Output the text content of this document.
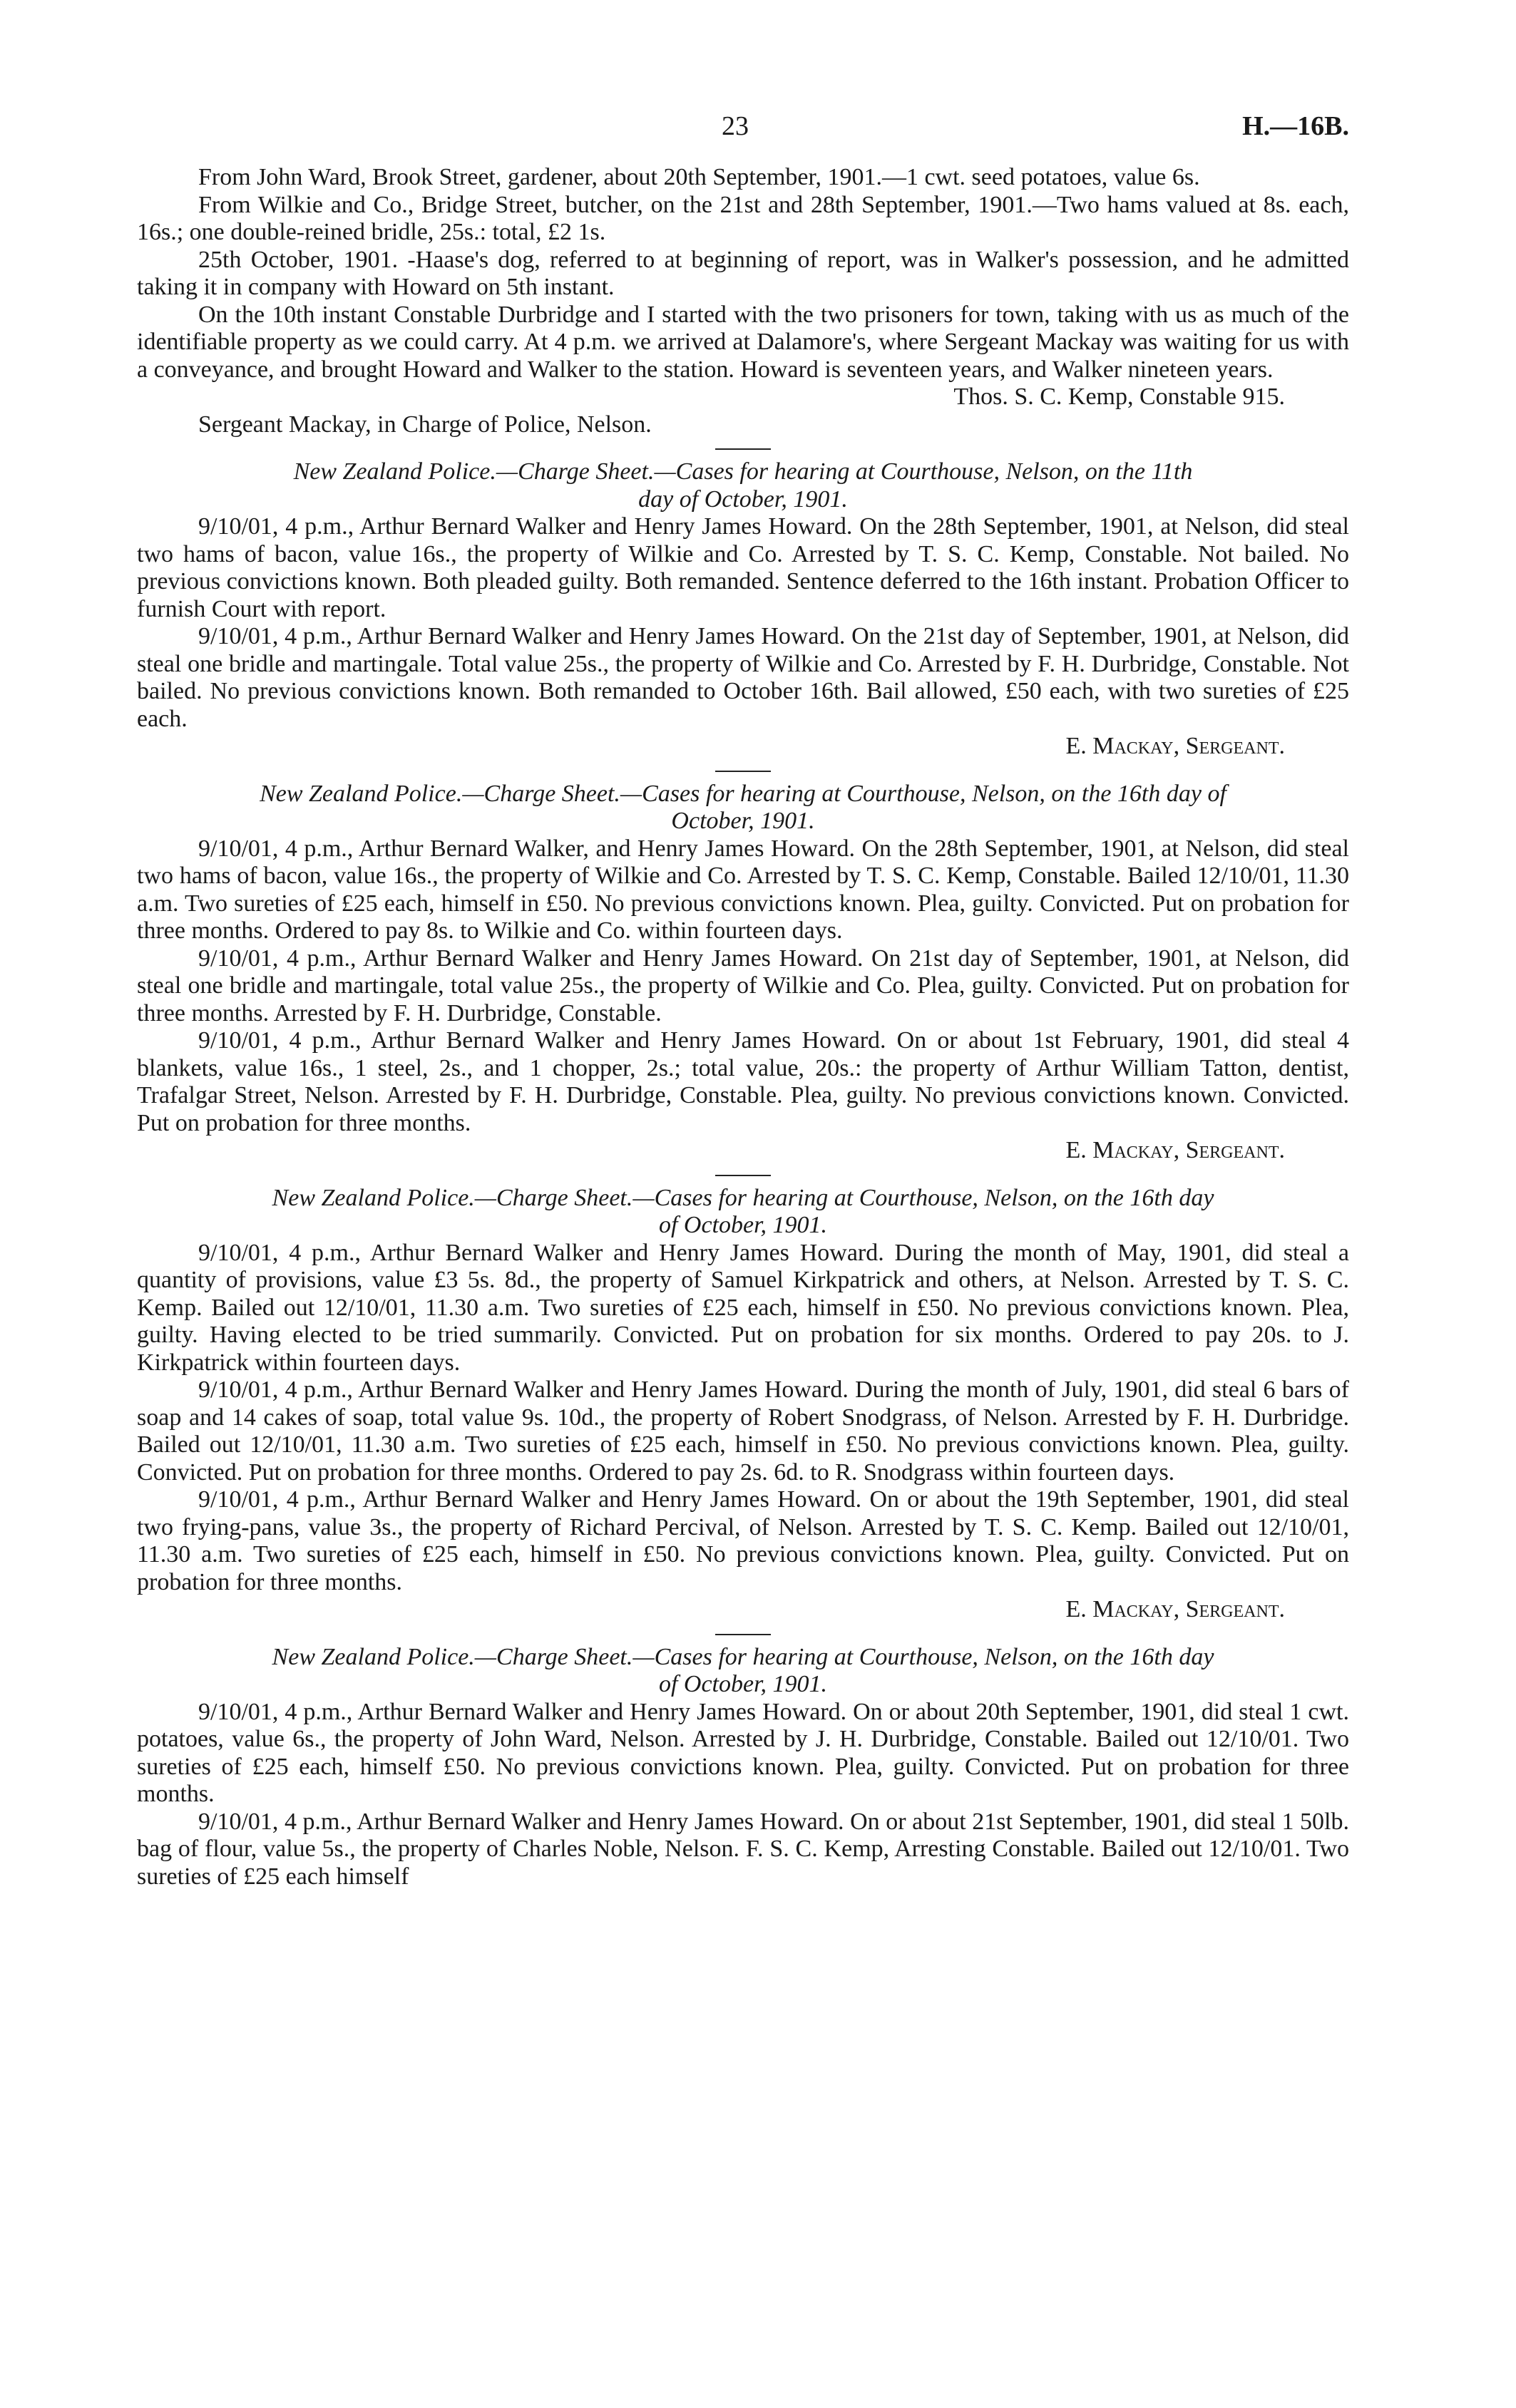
23	H.—16B.

From John Ward, Brook Street, gardener, about 20th September, 1901.—1 cwt. seed potatoes, value 6s.

From Wilkie and Co., Bridge Street, butcher, on the 21st and 28th September, 1901.—Two hams valued at 8s. each, 16s.; one double-reined bridle, 25s.: total, £2 1s.

25th October, 1901. -Haase's dog, referred to at beginning of report, was in Walker's possession, and he admitted taking it in company with Howard on 5th instant.

On the 10th instant Constable Durbridge and I started with the two prisoners for town, taking with us as much of the identifiable property as we could carry. At 4 p.m. we arrived at Dalamore's, where Sergeant Mackay was waiting for us with a conveyance, and brought Howard and Walker to the station. Howard is seventeen years, and Walker nineteen years.

Thos. S. C. Kemp, Constable 915.

Sergeant Mackay, in Charge of Police, Nelson.

New Zealand Police.—Charge Sheet.—Cases for hearing at Courthouse, Nelson, on the 11th
day of October, 1901.

9/10/01, 4 p.m., Arthur Bernard Walker and Henry James Howard. On the 28th September, 1901, at Nelson, did steal two hams of bacon, value 16s., the property of Wilkie and Co. Arrested by T. S. C. Kemp, Constable. Not bailed. No previous convictions known. Both pleaded guilty. Both remanded. Sentence deferred to the 16th instant. Probation Officer to furnish Court with report.

9/10/01, 4 p.m., Arthur Bernard Walker and Henry James Howard. On the 21st day of September, 1901, at Nelson, did steal one bridle and martingale. Total value 25s., the property of Wilkie and Co. Arrested by F. H. Durbridge, Constable. Not bailed. No previous convictions known. Both remanded to October 16th. Bail allowed, £50 each, with two sureties of £25 each.

E. Mackay, Sergeant.

New Zealand Police.—Charge Sheet.—Cases for hearing at Courthouse, Nelson, on the 16th day of
October, 1901.

9/10/01, 4 p.m., Arthur Bernard Walker, and Henry James Howard. On the 28th September, 1901, at Nelson, did steal two hams of bacon, value 16s., the property of Wilkie and Co. Arrested by T. S. C. Kemp, Constable. Bailed 12/10/01, 11.30 a.m. Two sureties of £25 each, himself in £50. No previous convictions known. Plea, guilty. Convicted. Put on probation for three months. Ordered to pay 8s. to Wilkie and Co. within fourteen days.

9/10/01, 4 p.m., Arthur Bernard Walker and Henry James Howard. On 21st day of September, 1901, at Nelson, did steal one bridle and martingale, total value 25s., the property of Wilkie and Co. Plea, guilty. Convicted. Put on probation for three months. Arrested by F. H. Durbridge, Constable.

9/10/01, 4 p.m., Arthur Bernard Walker and Henry James Howard. On or about 1st February, 1901, did steal 4 blankets, value 16s., 1 steel, 2s., and 1 chopper, 2s.; total value, 20s.: the property of Arthur William Tatton, dentist, Trafalgar Street, Nelson. Arrested by F. H. Durbridge, Constable. Plea, guilty. No previous convictions known. Convicted. Put on probation for three months.

E. Mackay, Sergeant.

New Zealand Police.—Charge Sheet.—Cases for hearing at Courthouse, Nelson, on the 16th day
of October, 1901.

9/10/01, 4 p.m., Arthur Bernard Walker and Henry James Howard. During the month of May, 1901, did steal a quantity of provisions, value £3 5s. 8d., the property of Samuel Kirkpatrick and others, at Nelson. Arrested by T. S. C. Kemp. Bailed out 12/10/01, 11.30 a.m. Two sureties of £25 each, himself in £50. No previous convictions known. Plea, guilty. Having elected to be tried summarily. Convicted. Put on probation for six months. Ordered to pay 20s. to J. Kirkpatrick within fourteen days.

9/10/01, 4 p.m., Arthur Bernard Walker and Henry James Howard. During the month of July, 1901, did steal 6 bars of soap and 14 cakes of soap, total value 9s. 10d., the property of Robert Snodgrass, of Nelson. Arrested by F. H. Durbridge. Bailed out 12/10/01, 11.30 a.m. Two sureties of £25 each, himself in £50. No previous convictions known. Plea, guilty. Convicted. Put on probation for three months. Ordered to pay 2s. 6d. to R. Snodgrass within fourteen days.

9/10/01, 4 p.m., Arthur Bernard Walker and Henry James Howard. On or about the 19th September, 1901, did steal two frying-pans, value 3s., the property of Richard Percival, of Nelson. Arrested by T. S. C. Kemp. Bailed out 12/10/01, 11.30 a.m. Two sureties of £25 each, himself in £50. No previous convictions known. Plea, guilty. Convicted. Put on probation for three months.

E. Mackay, Sergeant.

New Zealand Police.—Charge Sheet.—Cases for hearing at Courthouse, Nelson, on the 16th day
of October, 1901.

9/10/01, 4 p.m., Arthur Bernard Walker and Henry James Howard. On or about 20th September, 1901, did steal 1 cwt. potatoes, value 6s., the property of John Ward, Nelson. Arrested by J. H. Durbridge, Constable. Bailed out 12/10/01. Two sureties of £25 each, himself £50. No previous convictions known. Plea, guilty. Convicted. Put on probation for three months.

9/10/01, 4 p.m., Arthur Bernard Walker and Henry James Howard. On or about 21st September, 1901, did steal 1 50lb. bag of flour, value 5s., the property of Charles Noble, Nelson. F. S. C. Kemp, Arresting Constable. Bailed out 12/10/01. Two sureties of £25 each himself
